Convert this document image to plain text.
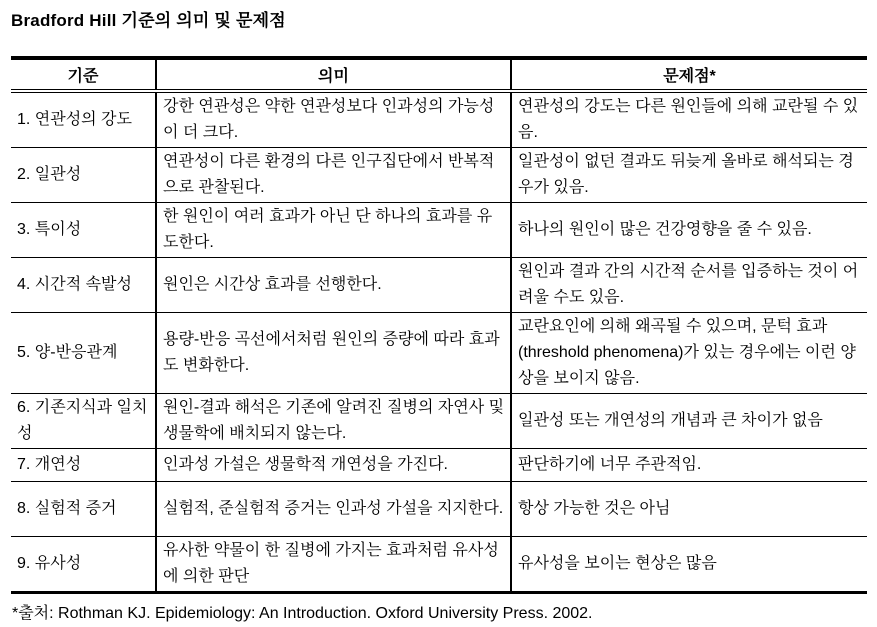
Bradford Hill 기준의 의미 및 문제점
기준	의미	문제점*
1. 연관성의 강도	강한 연관성은 약한 연관성보다 인과성의 가능성이 더 크다.	연관성의 강도는 다른 원인들에 의해 교란될 수 있음.
2. 일관성	연관성이 다른 환경의 다른 인구집단에서 반복적으로 관찰된다.	일관성이 없던 결과도 뒤늦게 올바로 해석되는 경우가 있음.
3. 특이성	한 원인이 여러 효과가 아닌 단 하나의 효과를 유도한다.	하나의 원인이 많은 건강영향을 줄 수 있음.
4. 시간적 속발성	원인은 시간상 효과를 선행한다.	원인과 결과 간의 시간적 순서를 입증하는 것이 어려울 수도 있음.
5. 양-반응관계	용량-반응 곡선에서처럼 원인의 증량에 따라 효과도 변화한다.	교란요인에 의해 왜곡될 수 있으며, 문턱 효과(threshold phenomena)가 있는 경우에는 이런 양상을 보이지 않음.
6. 기존지식과 일치성	원인-결과 해석은 기존에 알려진 질병의 자연사 및 생물학에 배치되지 않는다.	일관성 또는 개연성의 개념과 큰 차이가 없음
7. 개연성	인과성 가설은 생물학적 개연성을 가진다.	판단하기에 너무 주관적임.
8. 실험적 증거	실험적, 준실험적 증거는 인과성 가설을 지지한다.	항상 가능한 것은 아님
9. 유사성	유사한 약물이 한 질병에 가지는 효과처럼 유사성에 의한 판단	유사성을 보이는 현상은 많음
*출처: Rothman KJ. Epidemiology: An Introduction. Oxford University Press. 2002.
